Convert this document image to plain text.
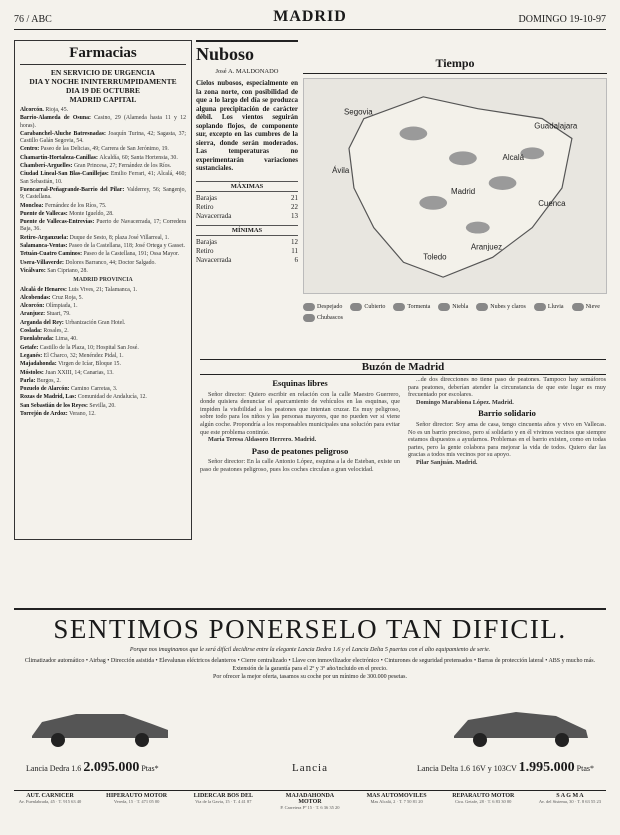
76 / ABC	MADRID	DOMINGO 19-10-97
Farmacias
EN SERVICIO DE URGENCIA
DIA Y NOCHE ININTERRUMPIDAMENTE
DIA 19 DE OCTUBRE
MADRID CAPITAL

Alcorcón. Rioja, 45.

Barrio-Alameda de Osuna: Casino, 29 (Alameda hasta 11 y 12 horas).

Carabanchel-Aluche Batresnadas: Joaquín Turina, 42; Sagasta, 37; Castillo Galán Segovia, 54.

Centro: Paseo de las Delicias, 49; Carrera de San Jerónimo, 19.

Chamartín-Hortaleza-Canillas: Alcaldía, 60; Santa Hortensia, 30.

Chamberí-Arguelles: Gran Princesa, 27; Fernández de los Ríos.

Ciudad Lineal-San Blas-Canillejas: Emilio Ferrari, 41; Alcalá, 460; San Sebastián, 10.

Fuencarral-Peñagrande-Barrio del Pilar: Valderrey, 56; Sangenjo, 9; Castellana.

Moncloa: Fernández de los Ríos, 75.

Puente de Vallecas: Monte Igueldo, 28.

Puente de Vallecas-Entrevías: Puerto de Navacerrada, 17; Corredera Baja, 36.

Retiro-Arganzuela: Duque de Sesto, 8; plaza José Villarreal, 1.

Salamanca-Ventas: Paseo de la Castellana, 118; José Ortega y Gasset.

Tetuán-Cuatro Caminos: Paseo de la Castellana, 191; Ossa Mayor.

Usera-Villaverde: Dolores Barranco, 44; Doctor Salgado.

Vicálvaro: San Cipriano, 28.

MADRID PROVINCIA

Alcalá de Henares: Luis Vives, 21; Talamanca, 1.

Alcobendas: Cruz Roja, 5.

Alcorcón: Olímpiada, 1.

Aranjuez: Stuart, 79.

Arganda del Rey: Urbanización Gran Hotel.

Coslada: Rosales, 2.

Fuenlabrada: Lima, 40.

Getafe: Castillo de la Plaza, 10; Hospital San José.

Leganés: El Charco, 32; Menéndez Pidal, 1.

Majadahonda: Virgen de Icíar, Bloque 15.

Móstoles: Juan XXIII, 14; Canarias, 13.

Parla: Burgos, 2.

Pozuelo de Alarcón: Camino Carretas, 3.

Rozas de Madrid, Las: Comunidad de Andalucía, 12.

San Sebastián de los Reyes: Sevilla, 20.

Torrejón de Ardoz: Verano, 12.

Nuboso
José A. MALDONADO
Cielos nubosos, especialmente en la zona norte, con posibilidad de que a lo largo del día se produzca alguna precipitación de carácter débil. Los vientos seguirán soplando flojos, de componente sur, excepto en las cumbres de la sierra, donde serán moderados. Las temperaturas no experimentarán variaciones sustanciales.
MÁXIMAS
Barajas	21
Retiro	22
Navacerrada	13
MÍNIMAS
Barajas	12
Retiro	11
Navacerrada	6
Tiempo
Segovia
Guadalajara
Madrid
Ávila
Toledo
Cuenca
Aranjuez
Alcalá
Despejado	Cubierto	Tormenta	Niebla	Nubes y claros	Lluvia	Nieve
Chubascos
Buzón de Madrid
Esquinas libres

Señor director: Quiero escribir en relación con la calle Maestro Guerrero, donde quisiera denunciar el aparcamiento de vehículos en las esquinas, que impiden la visibilidad a los peatones que intentan cruzar. Es muy peligroso, sobre todo para los niños y las personas mayores, que no pueden ver si viene algún coche. Propondría a los responsables municipales una solución para evitar que este problema continúe.

María Teresa Aldasoro Herrero. Madrid.

Paso de peatones peligroso

Señor director: En la calle Antonio López, esquina a la de Esteban, existe un paso de peatones peligroso, pues los coches circulan a gran velocidad.

...de dos direcciones no tiene paso de peatones. Tampoco hay semáforos para peatones, deberían atender la circunstancia de que este lugar es muy frecuentado por escolares.

Domingo Marabiona López. Madrid.

Barrio solidario

Señor director: Soy ama de casa, tengo cincuenta años y vivo en Vallecas. No es un barrio precioso, pero sí solidario y en él vivimos vecinos que siempre estamos dispuestos a ayudarnos. Problemas en el barrio existen, como en todas partes, pero la gente colabora para mejorar la vida de todos. Quiero dar las gracias a todos mis vecinos por su apoyo.

Pilar Sanjuán. Madrid.

SENTIMOS PONERSELO TAN DIFICIL.
Porque nos imaginamos que le será difícil decidirse entre la elegante Lancia Dedra 1.6 y el Lancia Delta 5 puertas con el alto equipamiento de serie.
Climatizador automático • Airbag • Dirección asistida • Elevalunas eléctricos delanteros • Cierre centralizado • Llave con inmovilizador electrónico • Cinturones de seguridad pretensados • Barras de protección lateral • ABS y mucho más.
Extensión de la garantía para el 2º y 3º año/incluido en el precio.
Por ofrecer la mejor oferta, tasamos su coche por un mínimo de 300.000 pesetas.
Lancia Dedra 1.6 2.095.000 Ptas*	Lancia	Lancia Delta 1.6 16V y 103CV 1.995.000 Ptas*
AUT. CARNICER
Av. Fuenlabrada, 45 · T. 915 63 40
HIPERAUTO MOTOR
Vereda, 15 · T. 471 05 00
LIDERCAR BOS DEL
Via de la Gavia, 15 · T. 4 41 87
MAJADAHONDA MOTOR
P. Carretera Pº 15 · T. 6 36 35 20
MAS AUTOMOVILES
Mas Alcalá, 2 · T. 7 50 81 20
REPARAUTO MOTOR
Ctra. Getafe, 28 · T. 6 83 30 00
S A G M A
Av. del Sistema, 30 · T. 8 63 55 23
